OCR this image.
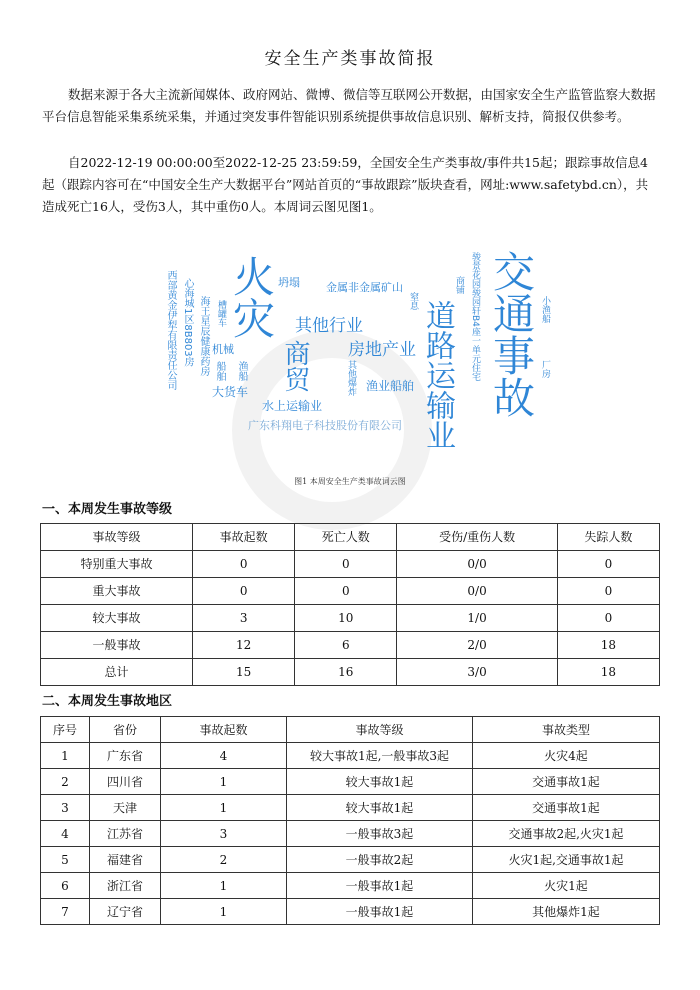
安全生产类事故简报
数据来源于各大主流新闻媒体、政府网站、微博、微信等互联网公开数据，由国家安全生产监管监察大数据平台信息智能采集系统采集，并通过突发事件智能识别系统提供事故信息识别、解析支持，简报仅供参考。
自2022-12-19 00:00:00至2022-12-25 23:59:59，全国安全生产类事故/事件共15起；跟踪事故信息4起（跟踪内容可在“中国安全生产大数据平台”网站首页的“事故跟踪”版块查看，网址:www.safetybd.cn），共造成死亡16人，受伤3人，其中重伤0人。本周词云图见图1。
交通事故
道路运输业
火灾
商贸
其他行业
房地产业
金属非金属矿山
坍塌
渔业船舶
水上运输业
大货车
广东科翔电子科技股份有限公司
其他爆炸
机械
槽罐车
船舶 渔船
海王星辰健康药房
心海城1区8B803房
西部黄金伊犁有限责任公司	窒息
商铺 骏景花园骏园轩B4座一单元住宅	小渔船
厂房
图1 本周安全生产类事故词云图
一、本周发生事故等级
事故等级	事故起数	死亡人数	受伤/重伤人数	失踪人数
特别重大事故	0	0	0/0	0
重大事故	0	0	0/0	0
较大事故	3	10	1/0	0
一般事故	12	6	2/0	18
总计	15	16	3/0	18
二、本周发生事故地区
序号	省份	事故起数	事故等级	事故类型
1	广东省	4	较大事故1起,一般事故3起	火灾4起
2	四川省	1	较大事故1起	交通事故1起
3	天津	1	较大事故1起	交通事故1起
4	江苏省	3	一般事故3起	交通事故2起,火灾1起
5	福建省	2	一般事故2起	火灾1起,交通事故1起
6	浙江省	1	一般事故1起	火灾1起
7	辽宁省	1	一般事故1起	其他爆炸1起
